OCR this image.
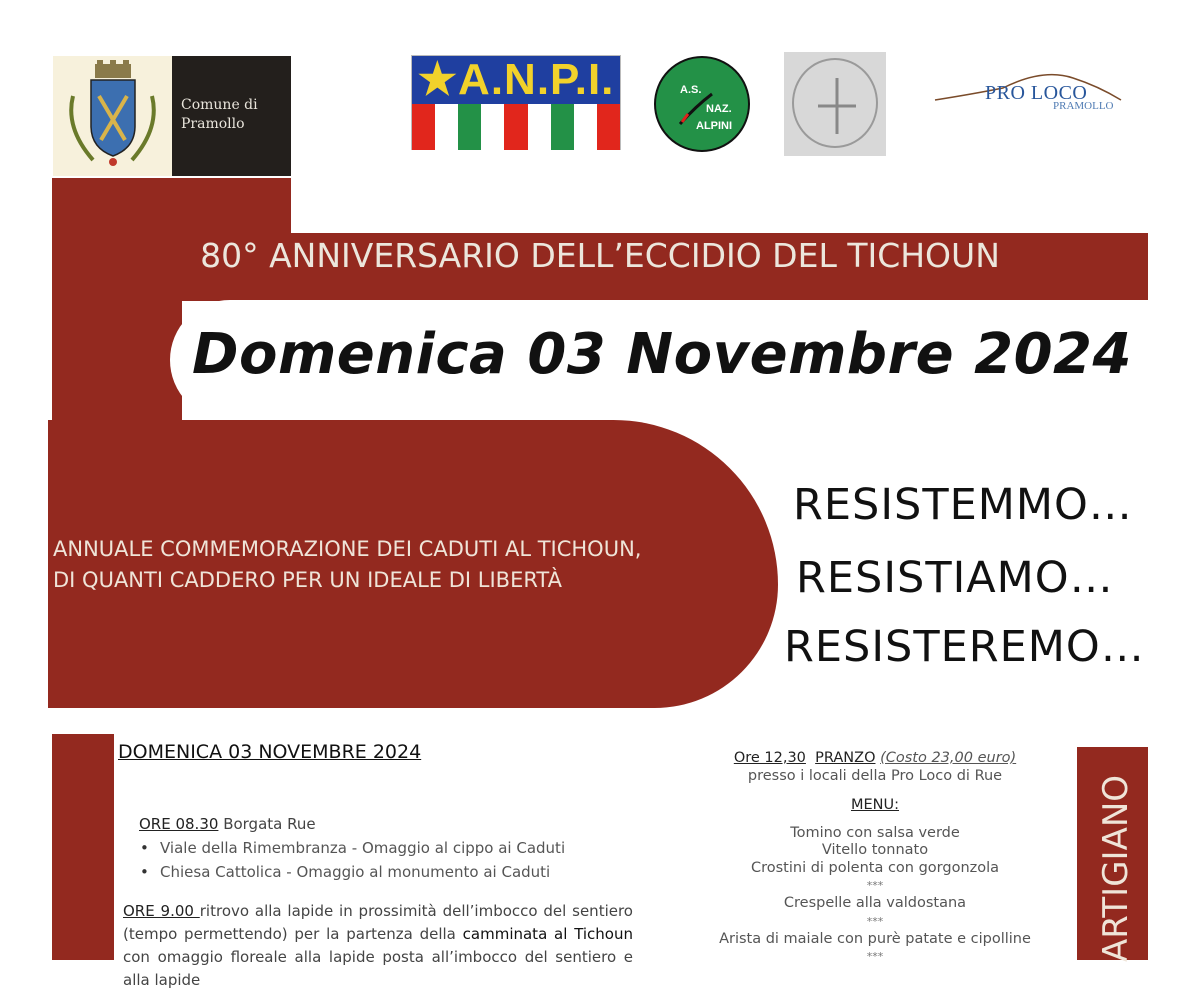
Comune di
Pramollo
★A.N.P.I.	A.S.
NAZ.
ALPINI
PRO LOCO
PRAMOLLO
80° ANNIVERSARIO DELL’ECCIDIO DEL TICHOUN
Domenica 03 Novembre 2024
ANNUALE COMMEMORAZIONE DEI CADUTI AL TICHOUN,
DI QUANTI CADDERO PER UN IDEALE DI LIBERTÀ
RESISTEMMO…
RESISTIAMO…
RESISTEREMO…
DOMENICA 03 NOVEMBRE 2024
ORE 08.30 Borgata Rue
• Viale della Rimembranza - Omaggio al cippo ai Caduti
• Chiesa Cattolica - Omaggio al monumento ai Caduti
ORE 9.00 ritrovo alla lapide in prossimità dell’imbocco del sentiero (tempo permettendo) per la partenza della camminata al Tichoun con omaggio floreale alla lapide posta all’imbocco del sentiero e alla lapide
Ore 12,30 PRANZO (Costo 23,00 euro)
presso i locali della Pro Loco di Rue
MENU:
Tomino con salsa verde
Vitello tonnato
Crostini di polenta con gorgonzola
***
Crespelle alla valdostana
***
Arista di maiale con purè patate e cipolline
***	ARTIGIANO
